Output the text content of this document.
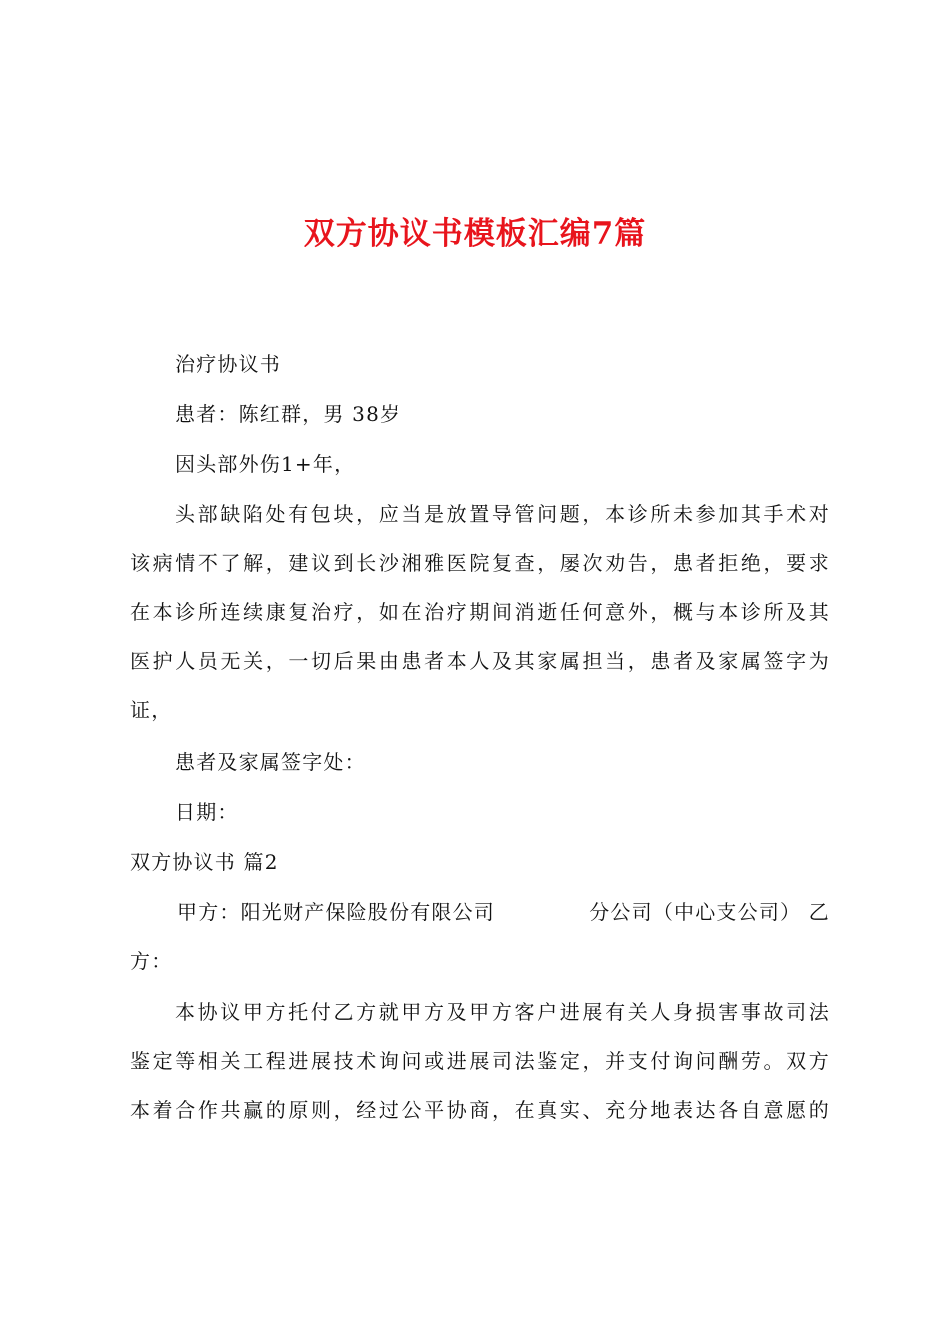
双方协议书模板汇编7篇
治疗协议书
患者：陈红群，男 38岁
因头部外伤1+年，
头部缺陷处有包块，应当是放置导管问题，本诊所未参加其手术对
该病情不了解，建议到长沙湘雅医院复查，屡次劝告，患者拒绝，要求
在本诊所连续康复治疗，如在治疗期间消逝任何意外，概与本诊所及其
医护人员无关，一切后果由患者本人及其家属担当，患者及家属签字为
证，
患者及家属签字处：
日期：
双方协议书 篇2
甲方：阳光财产保险股份有限公司	分公司（中心支公司） 乙
方：
本协议甲方托付乙方就甲方及甲方客户进展有关人身损害事故司法
鉴定等相关工程进展技术询问或进展司法鉴定，并支付询问酬劳。双方
本着合作共赢的原则，经过公平协商，在真实、充分地表达各自意愿的
